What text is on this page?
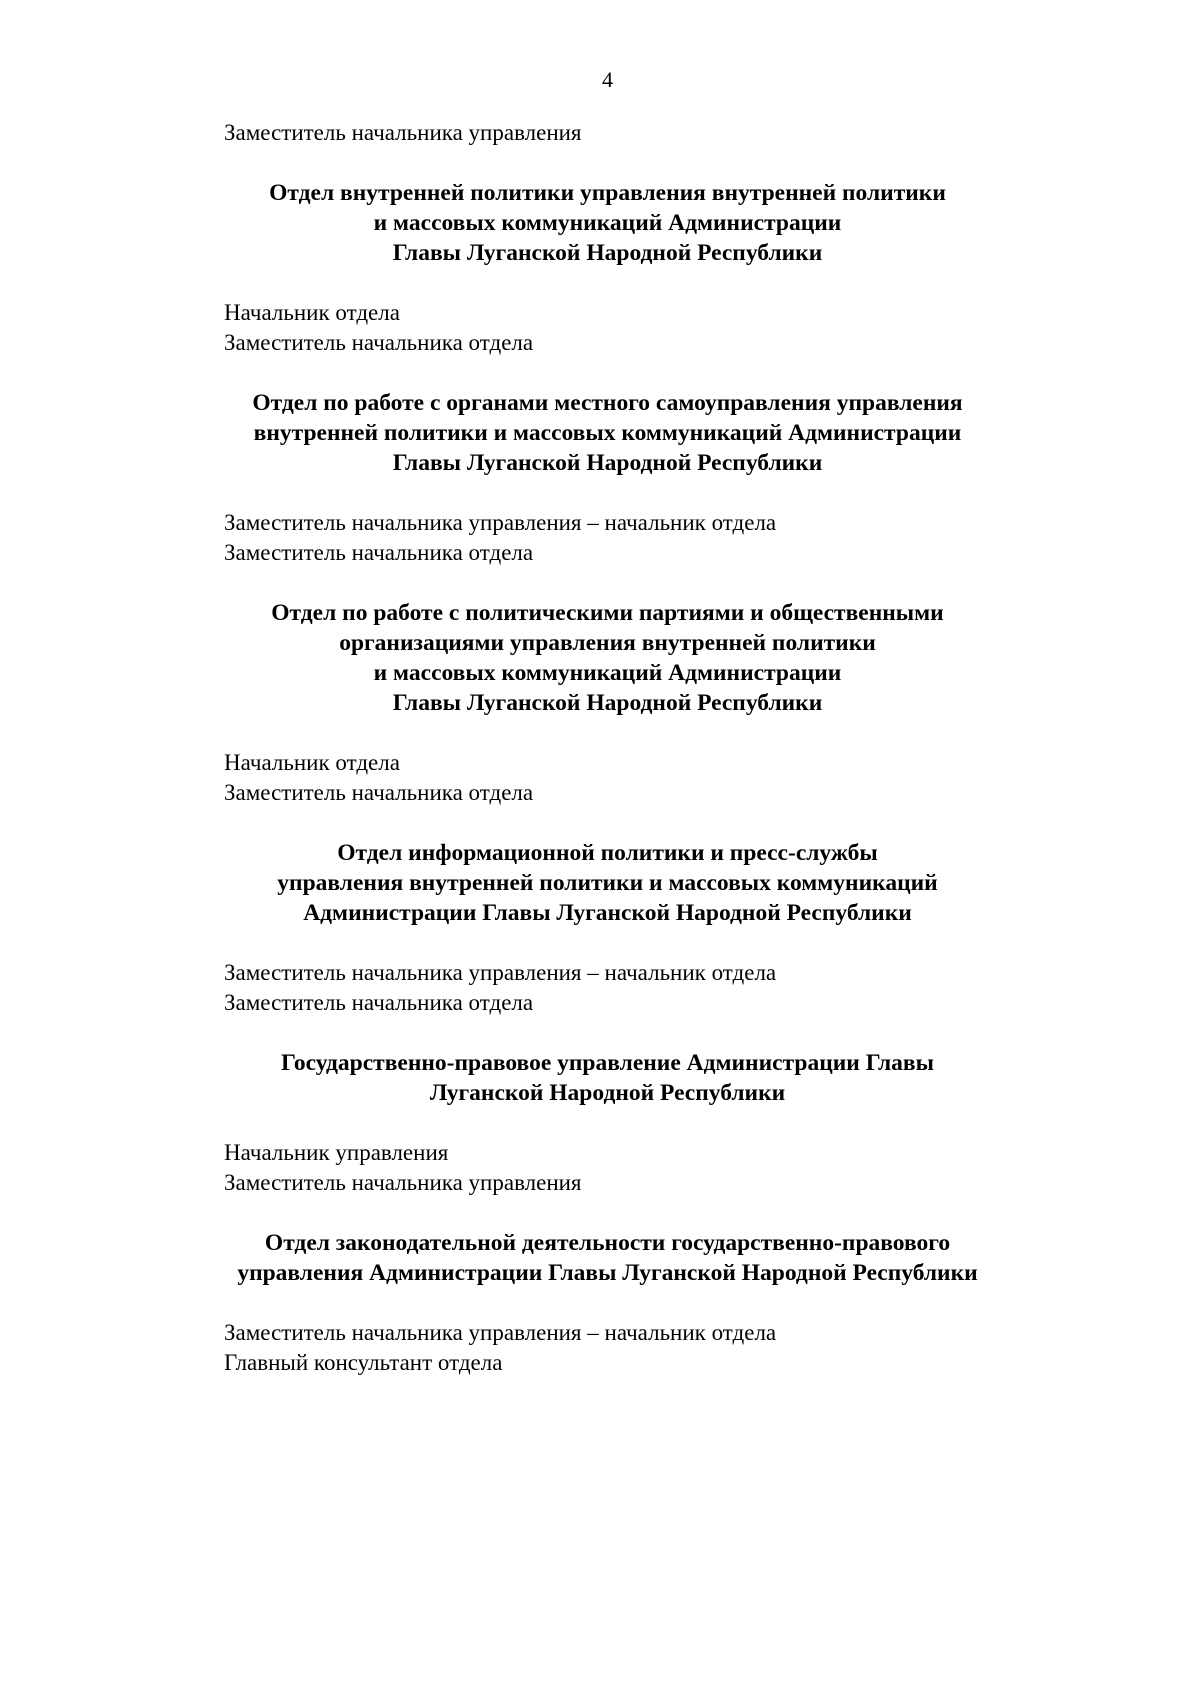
4
Заместитель начальника управления
Отдел внутренней политики управления внутренней политики
и массовых коммуникаций Администрации
Главы Луганской Народной Республики
Начальник отдела
Заместитель начальника отдела
Отдел по работе с органами местного самоуправления управления
внутренней политики и массовых коммуникаций Администрации
Главы Луганской Народной Республики
Заместитель начальника управления – начальник отдела
Заместитель начальника отдела
Отдел по работе с политическими партиями и общественными
организациями управления внутренней политики
и массовых коммуникаций Администрации
Главы Луганской Народной Республики
Начальник отдела
Заместитель начальника отдела
Отдел информационной политики и пресс-службы
управления внутренней политики и массовых коммуникаций
Администрации Главы Луганской Народной Республики
Заместитель начальника управления – начальник отдела
Заместитель начальника отдела
Государственно-правовое управление Администрации Главы
Луганской Народной Республики
Начальник управления
Заместитель начальника управления
Отдел законодательной деятельности государственно-правового
управления Администрации Главы Луганской Народной Республики
Заместитель начальника управления – начальник отдела
Главный консультант отдела
